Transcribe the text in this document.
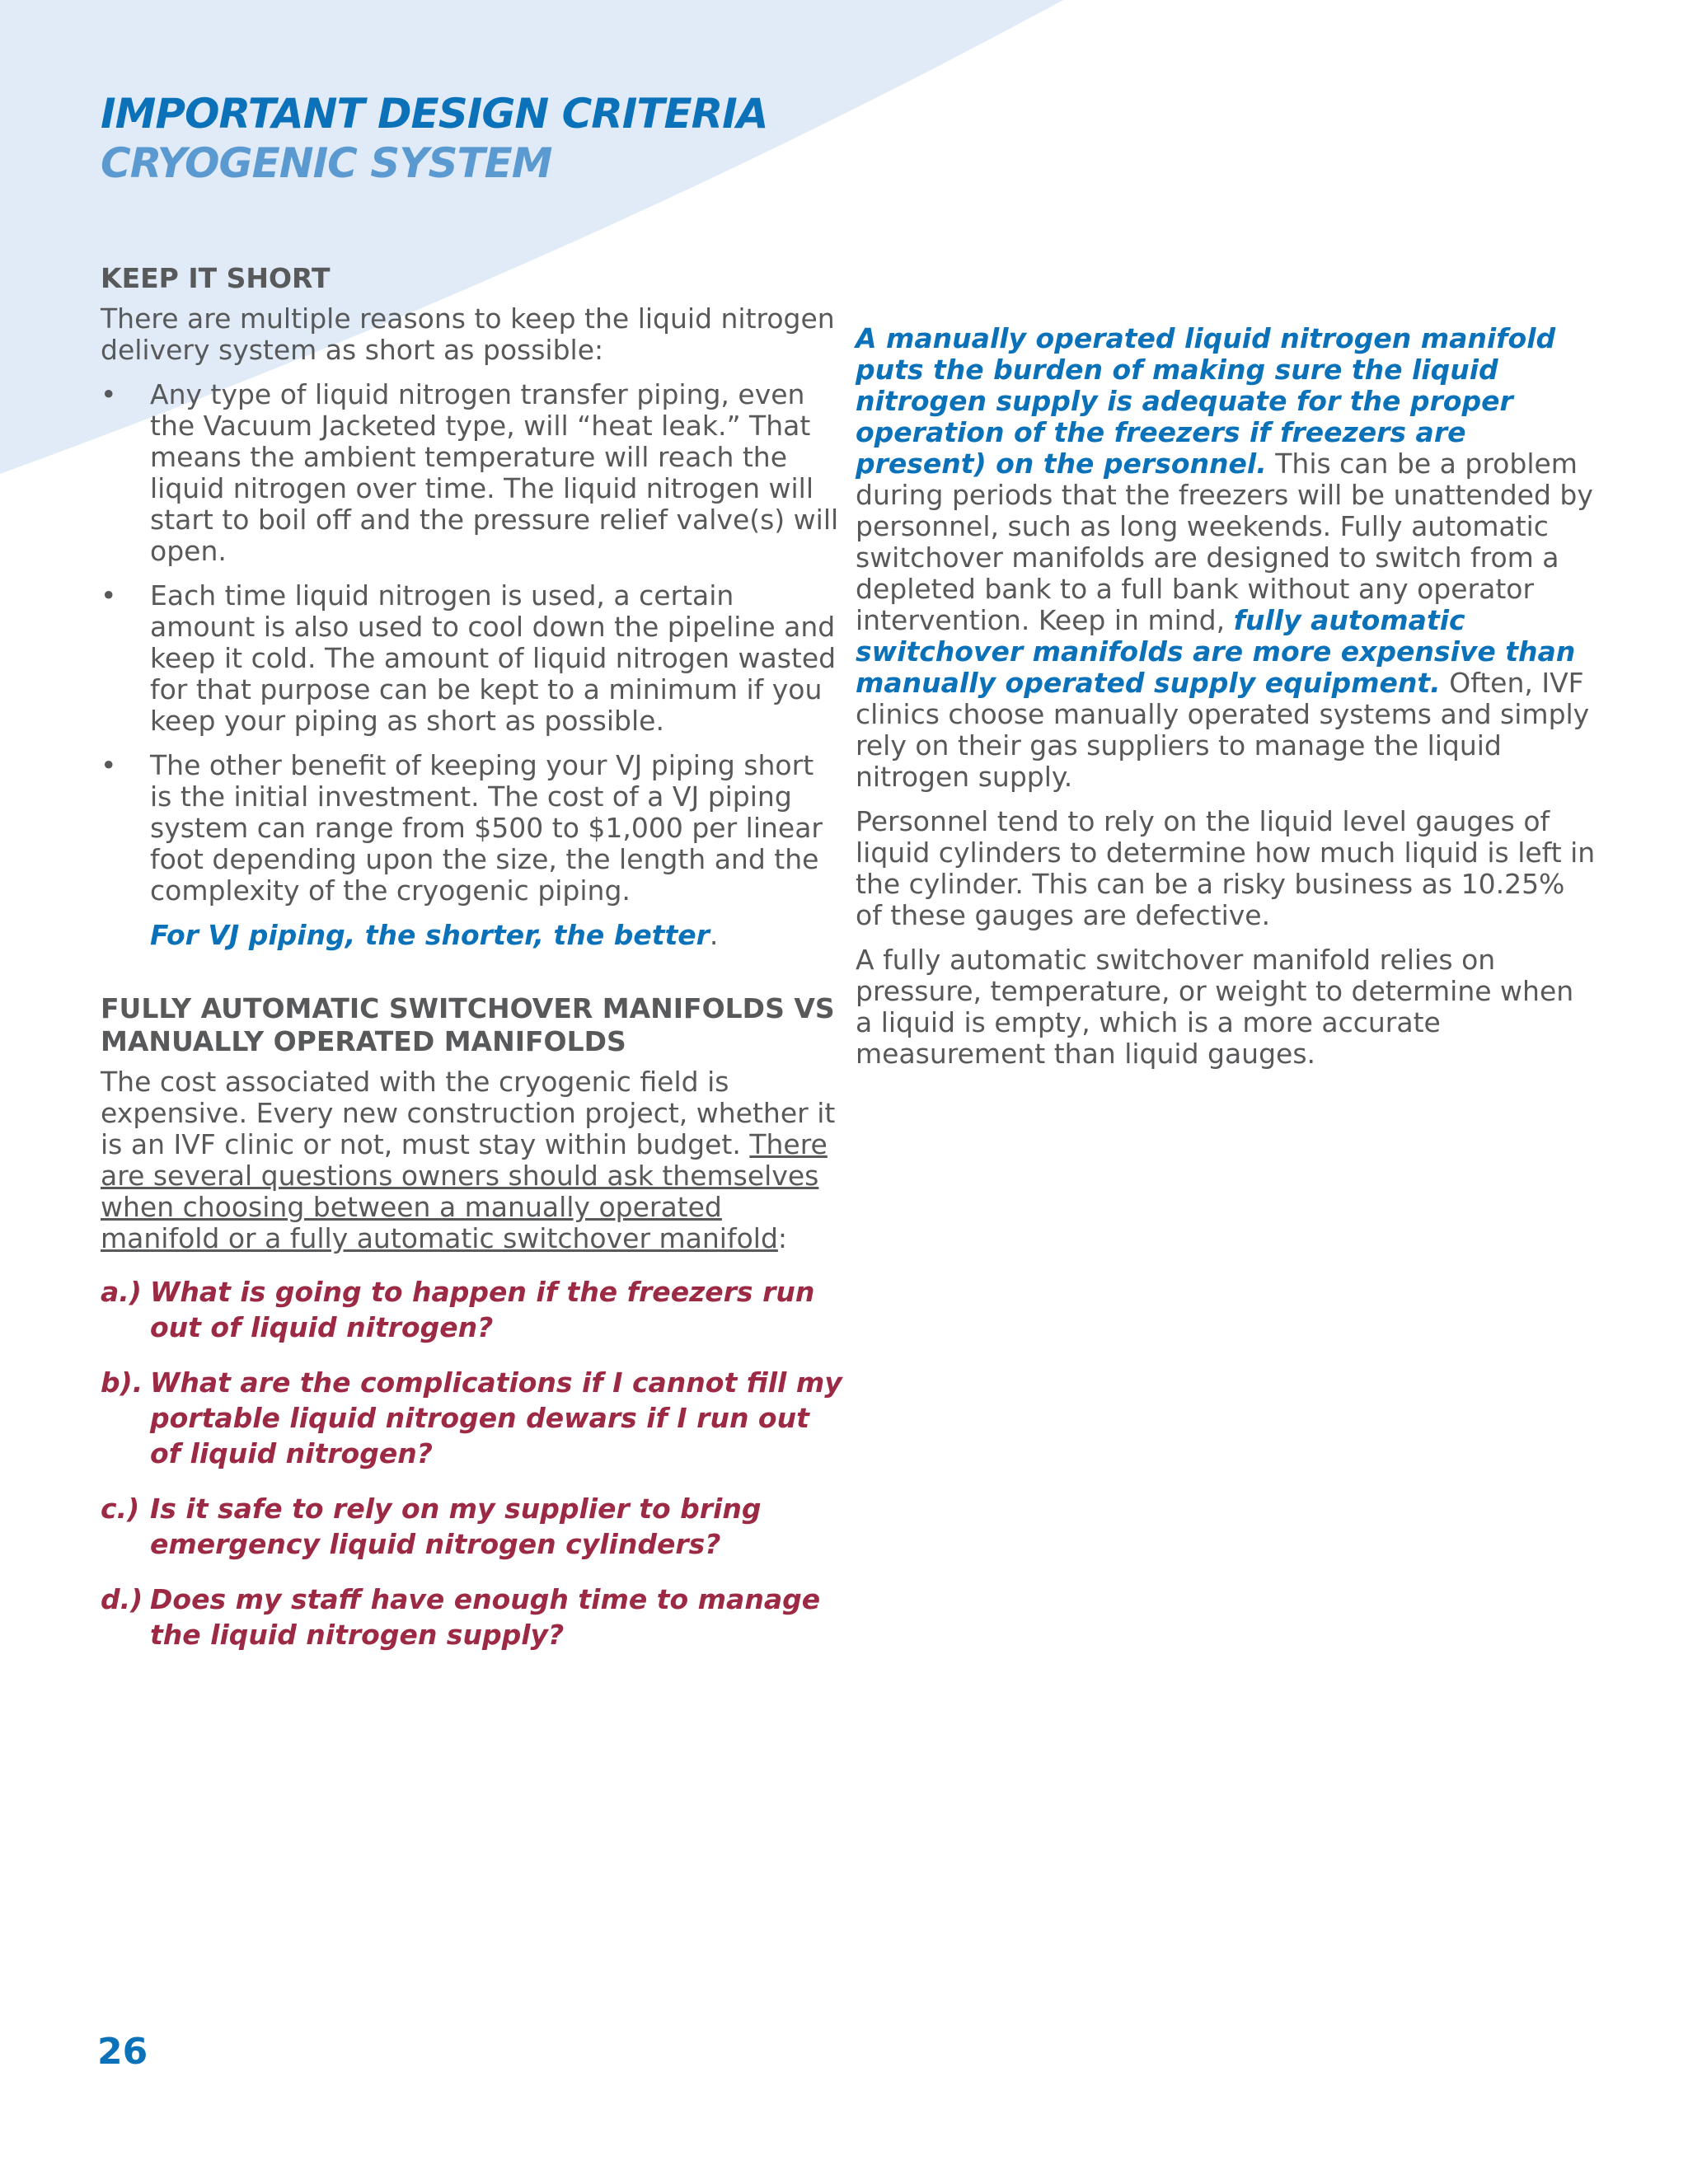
IMPORTANT DESIGN CRITERIA
CRYOGENIC SYSTEM
KEEP IT SHORT

There are multiple reasons to keep the liquid nitrogen delivery system as short as possible:

• Any type of liquid nitrogen transfer piping, even the Vacuum Jacketed type, will “heat leak.” That means the ambient temperature will reach the liquid nitrogen over time. The liquid nitrogen will start to boil off and the pressure relief valve(s) will open.
• Each time liquid nitrogen is used, a certain amount is also used to cool down the pipeline and keep it cold. The amount of liquid nitrogen wasted for that purpose can be kept to a minimum if you keep your piping as short as possible.
• The other benefit of keeping your VJ piping short is the initial investment. The cost of a VJ piping system can range from $500 to $1,000 per linear foot depending upon the size, the length and the complexity of the cryogenic piping.

For VJ piping, the shorter, the better.

FULLY AUTOMATIC SWITCHOVER MANIFOLDS VS MANUALLY OPERATED MANIFOLDS

The cost associated with the cryogenic field is expensive. Every new construction project, whether it is an IVF clinic or not, must stay within budget. There are several questions owners should ask themselves when choosing between a manually operated manifold or a fully automatic switchover manifold:

a.) What is going to happen if the freezers run out of liquid nitrogen?
b). What are the complications if I cannot fill my portable liquid nitrogen dewars if I run out of liquid nitrogen?
c.) Is it safe to rely on my supplier to bring emergency liquid nitrogen cylinders?
d.) Does my staff have enough time to manage the liquid nitrogen supply?

A manually operated liquid nitrogen manifold puts the burden of making sure the liquid nitrogen supply is adequate for the proper operation of the freezers if freezers are present) on the personnel. This can be a problem during periods that the freezers will be unattended by personnel, such as long weekends. Fully automatic switchover manifolds are designed to switch from a depleted bank to a full bank without any operator intervention. Keep in mind, fully automatic switchover manifolds are more expensive than manually operated supply equipment. Often, IVF clinics choose manually operated systems and simply rely on their gas suppliers to manage the liquid nitrogen supply.

Personnel tend to rely on the liquid level gauges of liquid cylinders to determine how much liquid is left in the cylinder. This can be a risky business as 10.25% of these gauges are defective.

A fully automatic switchover manifold relies on pressure, temperature, or weight to determine when a liquid is empty, which is a more accurate measurement than liquid gauges.

26
